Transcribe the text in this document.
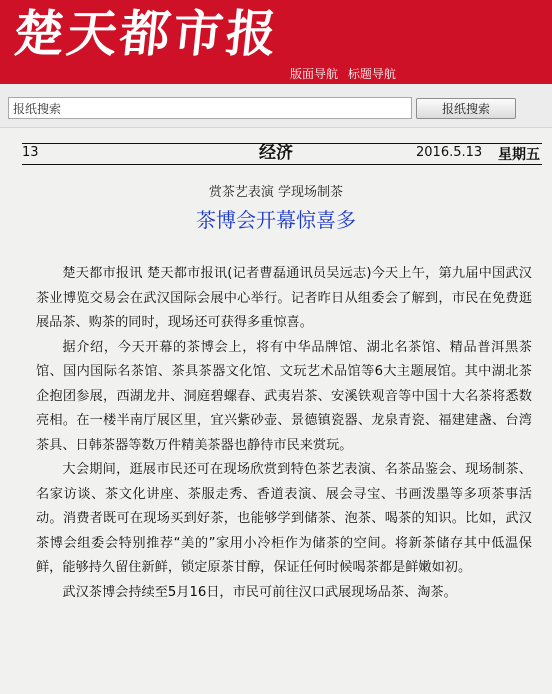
楚天都市报
版面导航 标题导航
报纸搜索
报纸搜索
13	经济	2016.5.13 星期五
赏茶艺表演 学现场制茶
茶博会开幕惊喜多

楚天都市报讯 楚天都市报讯(记者曹磊通讯员吴远志)今天上午，第九届中国武汉茶业博览交易会在武汉国际会展中心举行。记者昨日从组委会了解到，市民在免费逛展品茶、购茶的同时，现场还可获得多重惊喜。

据介绍，今天开幕的茶博会上，将有中华品牌馆、湖北名茶馆、精品普洱黑茶馆、国内国际名茶馆、茶具茶器文化馆、文玩艺术品馆等6大主题展馆。其中湖北茶企抱团参展，西湖龙井、洞庭碧螺春、武夷岩茶、安溪铁观音等中国十大名茶将悉数亮相。在一楼半南厅展区里，宜兴紫砂壶、景德镇瓷器、龙泉青瓷、福建建盏、台湾茶具、日韩茶器等数万件精美茶器也静待市民来赏玩。

大会期间，逛展市民还可在现场欣赏到特色茶艺表演、名茶品鉴会、现场制茶、名家访谈、茶文化讲座、茶服走秀、香道表演、展会寻宝、书画泼墨等多项茶事活动。消费者既可在现场买到好茶，也能够学到储茶、泡茶、喝茶的知识。比如，武汉茶博会组委会特别推荐“美的”家用小冷柜作为储茶的空间。将新茶储存其中低温保鲜，能够持久留住新鲜，锁定原茶甘醇，保证任何时候喝茶都是鲜嫩如初。

武汉茶博会持续至5月16日，市民可前往汉口武展现场品茶、淘茶。
